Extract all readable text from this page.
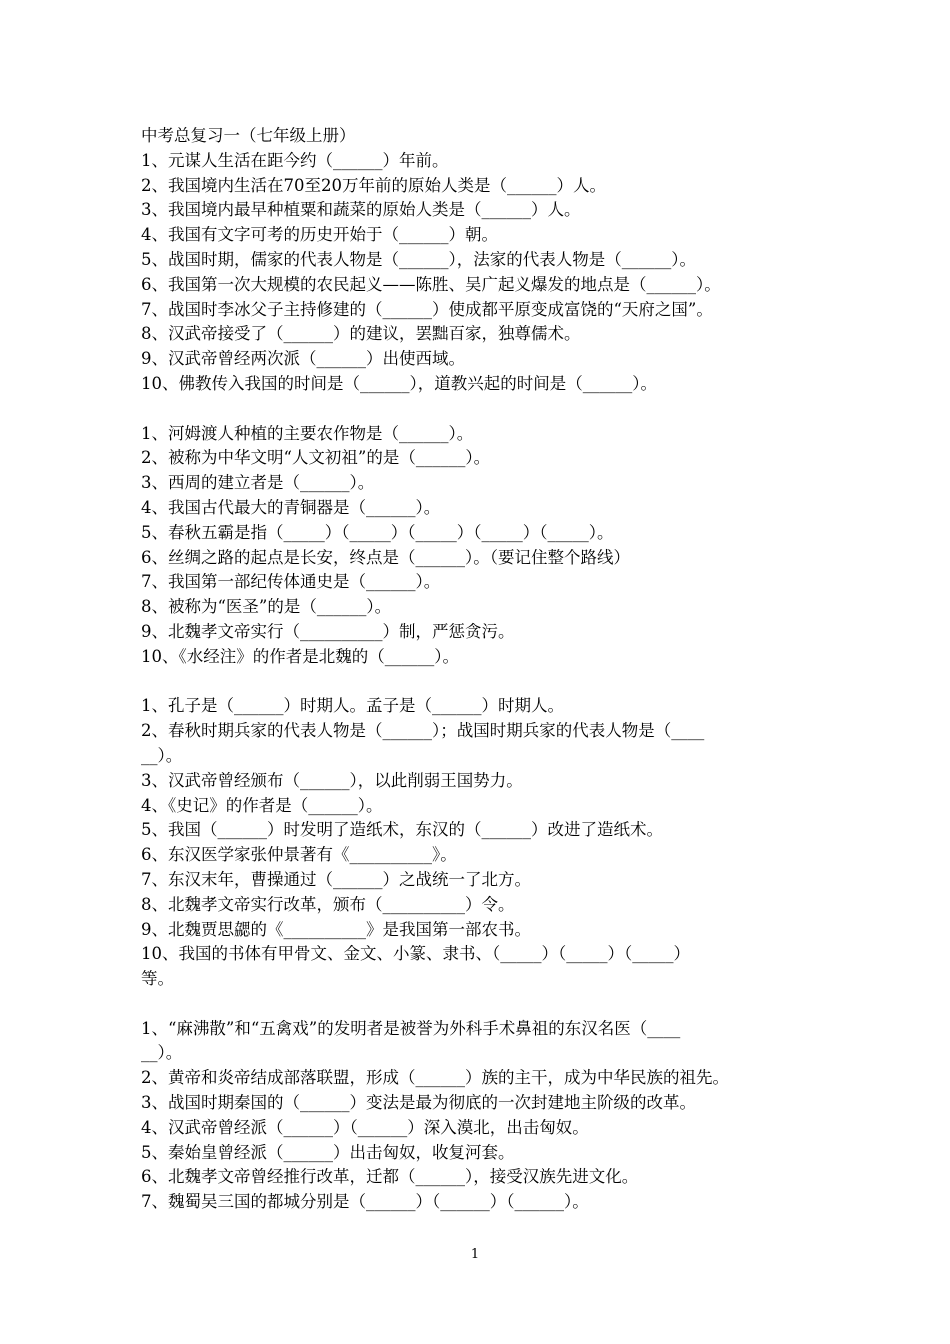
中考总复习一（七年级上册）
1、元谋人生活在距今约（______）年前。
2、我国境内生活在70至20万年前的原始人类是（______）人。
3、我国境内最早种植粟和蔬菜的原始人类是（______）人。
4、我国有文字可考的历史开始于（______）朝。
5、战国时期，儒家的代表人物是（______），法家的代表人物是（______）。
6、我国第一次大规模的农民起义——陈胜、吴广起义爆发的地点是（______）。
7、战国时李冰父子主持修建的（______）使成都平原变成富饶的“天府之国”。
8、汉武帝接受了（______）的建议，罢黜百家，独尊儒术。
9、汉武帝曾经两次派（______）出使西域。
10、佛教传入我国的时间是（______），道教兴起的时间是（______）。
1、河姆渡人种植的主要农作物是（______）。
2、被称为中华文明“人文初祖”的是（______）。
3、西周的建立者是（______）。
4、我国古代最大的青铜器是（______）。
5、春秋五霸是指（_____）（_____）（_____）（_____）（_____）。
6、丝绸之路的起点是长安，终点是（______）。（要记住整个路线）
7、我国第一部纪传体通史是（______）。
8、被称为“医圣”的是（______）。
9、北魏孝文帝实行（__________）制，严惩贪污。
10、《水经注》的作者是北魏的（______）。
1、孔子是（______）时期人。孟子是（______）时期人。
2、春秋时期兵家的代表人物是（______）；战国时期兵家的代表人物是（____
__）。
3、汉武帝曾经颁布（______），以此削弱王国势力。
4、《史记》的作者是（______）。
5、我国（______）时发明了造纸术，东汉的（______）改进了造纸术。
6、东汉医学家张仲景著有《__________》。
7、东汉末年，曹操通过（______）之战统一了北方。
8、北魏孝文帝实行改革，颁布（__________）令。
9、北魏贾思勰的《__________》是我国第一部农书。
10、我国的书体有甲骨文、金文、小篆、隶书、（_____）（_____）（_____）
等。
1、“麻沸散”和“五禽戏”的发明者是被誉为外科手术鼻祖的东汉名医（____
__）。
2、黄帝和炎帝结成部落联盟，形成（______）族的主干，成为中华民族的祖先。
3、战国时期秦国的（______）变法是最为彻底的一次封建地主阶级的改革。
4、汉武帝曾经派（______）（______）深入漠北，出击匈奴。
5、秦始皇曾经派（______）出击匈奴，收复河套。
6、北魏孝文帝曾经推行改革，迁都（______），接受汉族先进文化。
7、魏蜀吴三国的都城分别是（______）（______）（______）。
1
